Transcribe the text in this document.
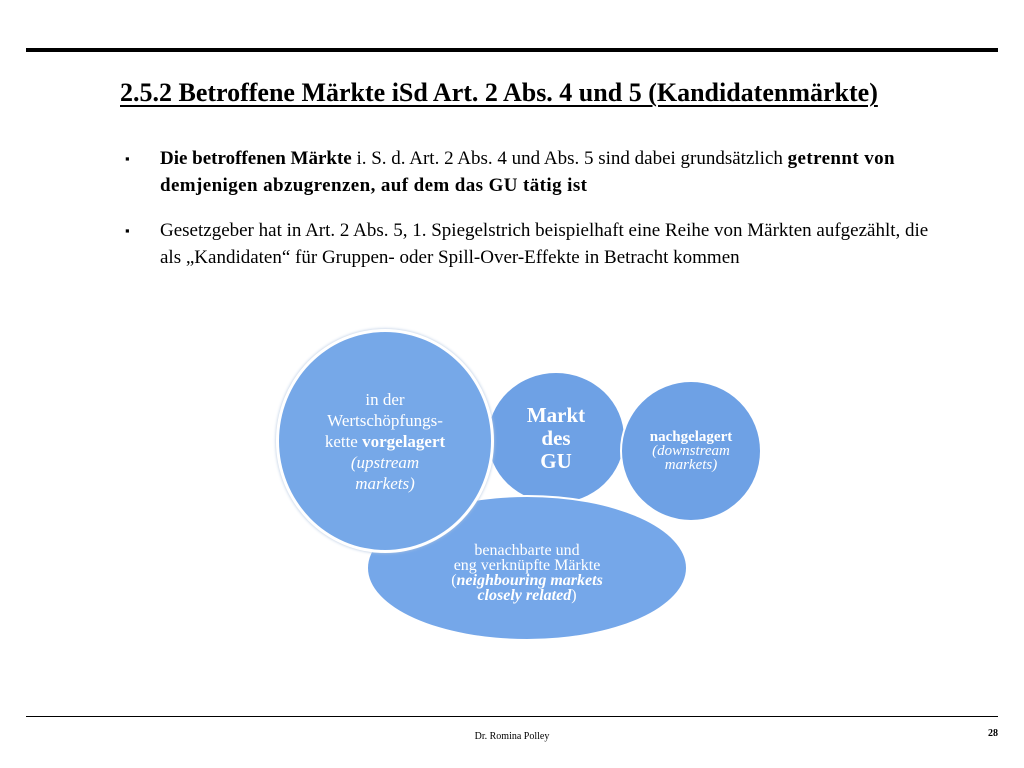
2.5.2 Betroffene Märkte iSd Art. 2 Abs. 4 und 5 (Kandidatenmärkte)
▪ Die betroffenen Märkte i. S. d. Art. 2 Abs. 4 und Abs. 5 sind dabei grundsätzlich getrennt von demjenigen abzugrenzen, auf dem das GU tätig ist
▪ Gesetzgeber hat in Art. 2 Abs. 5, 1. Spiegelstrich beispielhaft eine Reihe von Märkten aufgezählt, die als „Kandidaten“ für Gruppen- oder Spill-Over-Effekte in Betracht kommen
Markt
des
GU
benachbarte und
eng verknüpfte Märkte
(neighbouring markets
closely related)
nachgelagert
(downstream
markets)
in der
Wertschöpfungs-
kette vorgelagert
(upstream
markets)
Dr. Romina Polley	28
